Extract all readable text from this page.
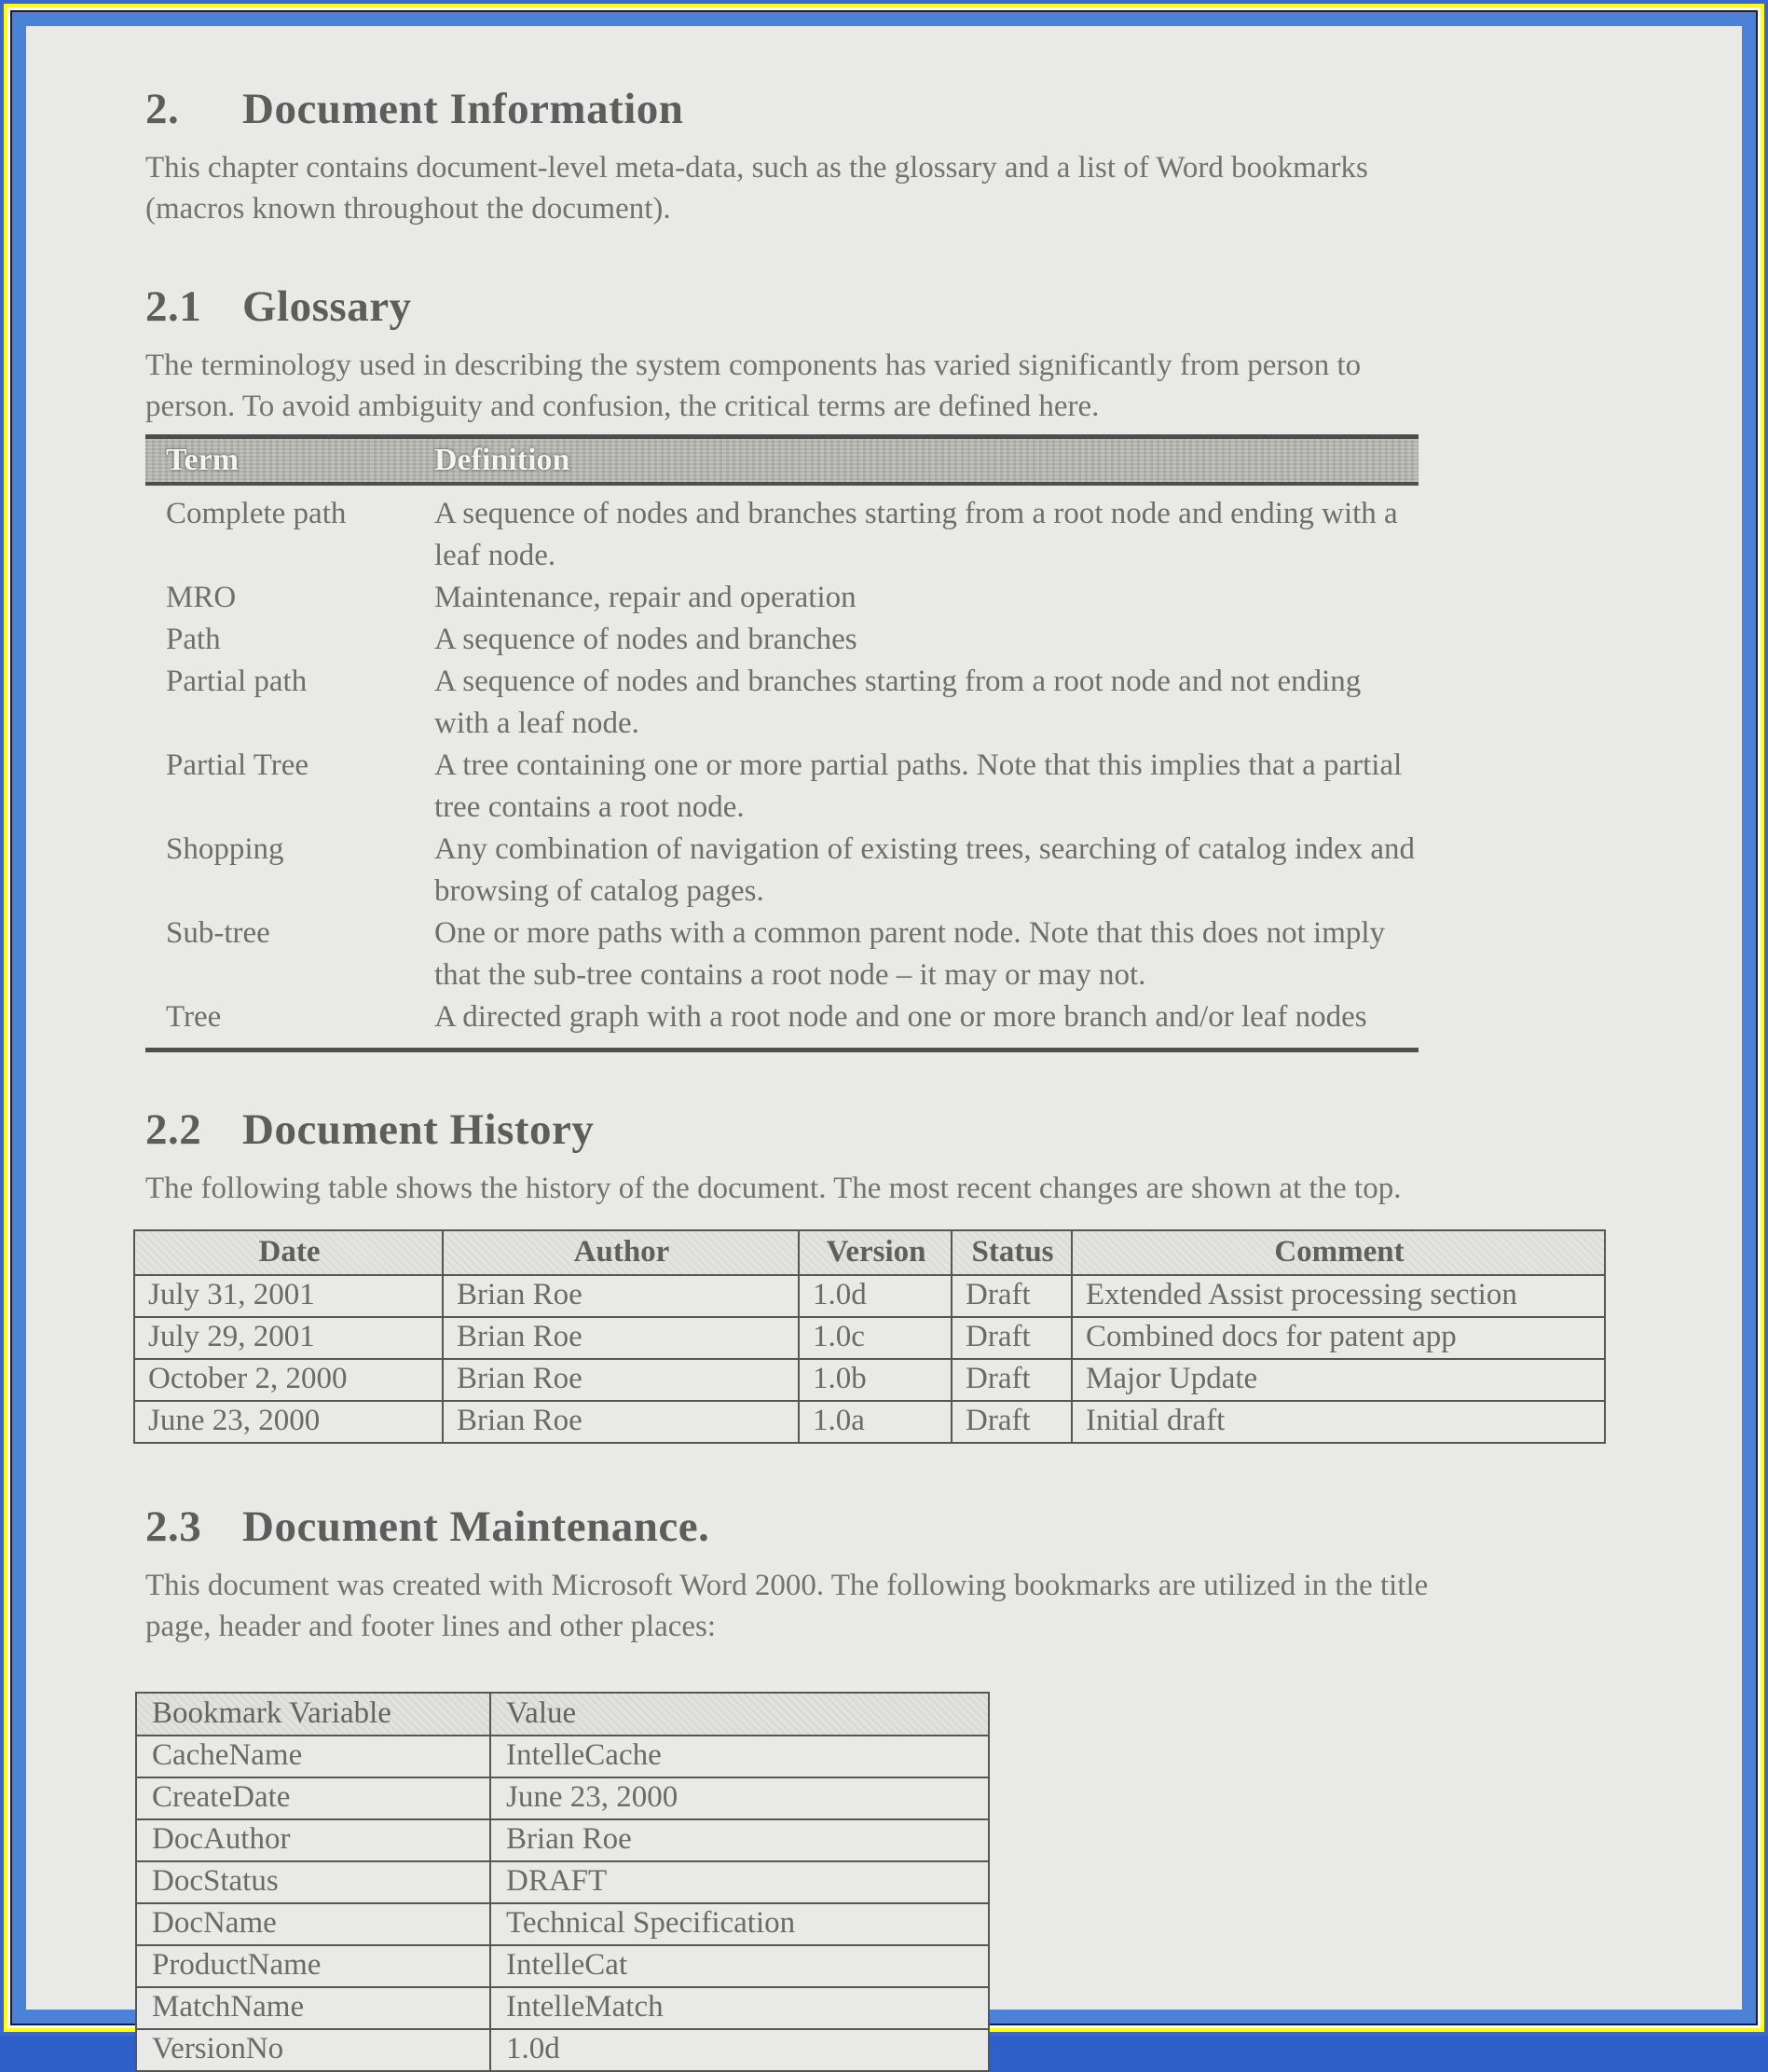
2.	Document Information

This chapter contains document-level meta-data, such as the glossary and a list of Word bookmarks (macros known throughout the document).

2.1 Glossary

The terminology used in describing the system components has varied significantly from person to person. To avoid ambiguity and confusion, the critical terms are defined here.

Term	Definition
Complete path	A sequence of nodes and branches starting from a root node and ending with a leaf node.
MRO	Maintenance, repair and operation
Path	A sequence of nodes and branches
Partial path	A sequence of nodes and branches starting from a root node and not ending with a leaf node.
Partial Tree	A tree containing one or more partial paths. Note that this implies that a partial tree contains a root node.
Shopping	Any combination of navigation of existing trees, searching of catalog index and browsing of catalog pages.
Sub-tree	One or more paths with a common parent node. Note that this does not imply that the sub-tree contains a root node – it may or may not.
Tree	A directed graph with a root node and one or more branch and/or leaf nodes
2.2 Document History

The following table shows the history of the document. The most recent changes are shown at the top.

Date	Author	Version	Status	Comment
July 31, 2001	Brian Roe	1.0d	Draft	Extended Assist processing section
July 29, 2001	Brian Roe	1.0c	Draft	Combined docs for patent app
October 2, 2000	Brian Roe	1.0b	Draft	Major Update
June 23, 2000	Brian Roe	1.0a	Draft	Initial draft
2.3 Document Maintenance.

This document was created with Microsoft Word 2000. The following bookmarks are utilized in the title page, header and footer lines and other places:

Bookmark Variable	Value
CacheName	IntelleCache
CreateDate	June 23, 2000
DocAuthor	Brian Roe
DocStatus	DRAFT
DocName	Technical Specification
ProductName	IntelleCat
MatchName	IntelleMatch
VersionNo	1.0d
